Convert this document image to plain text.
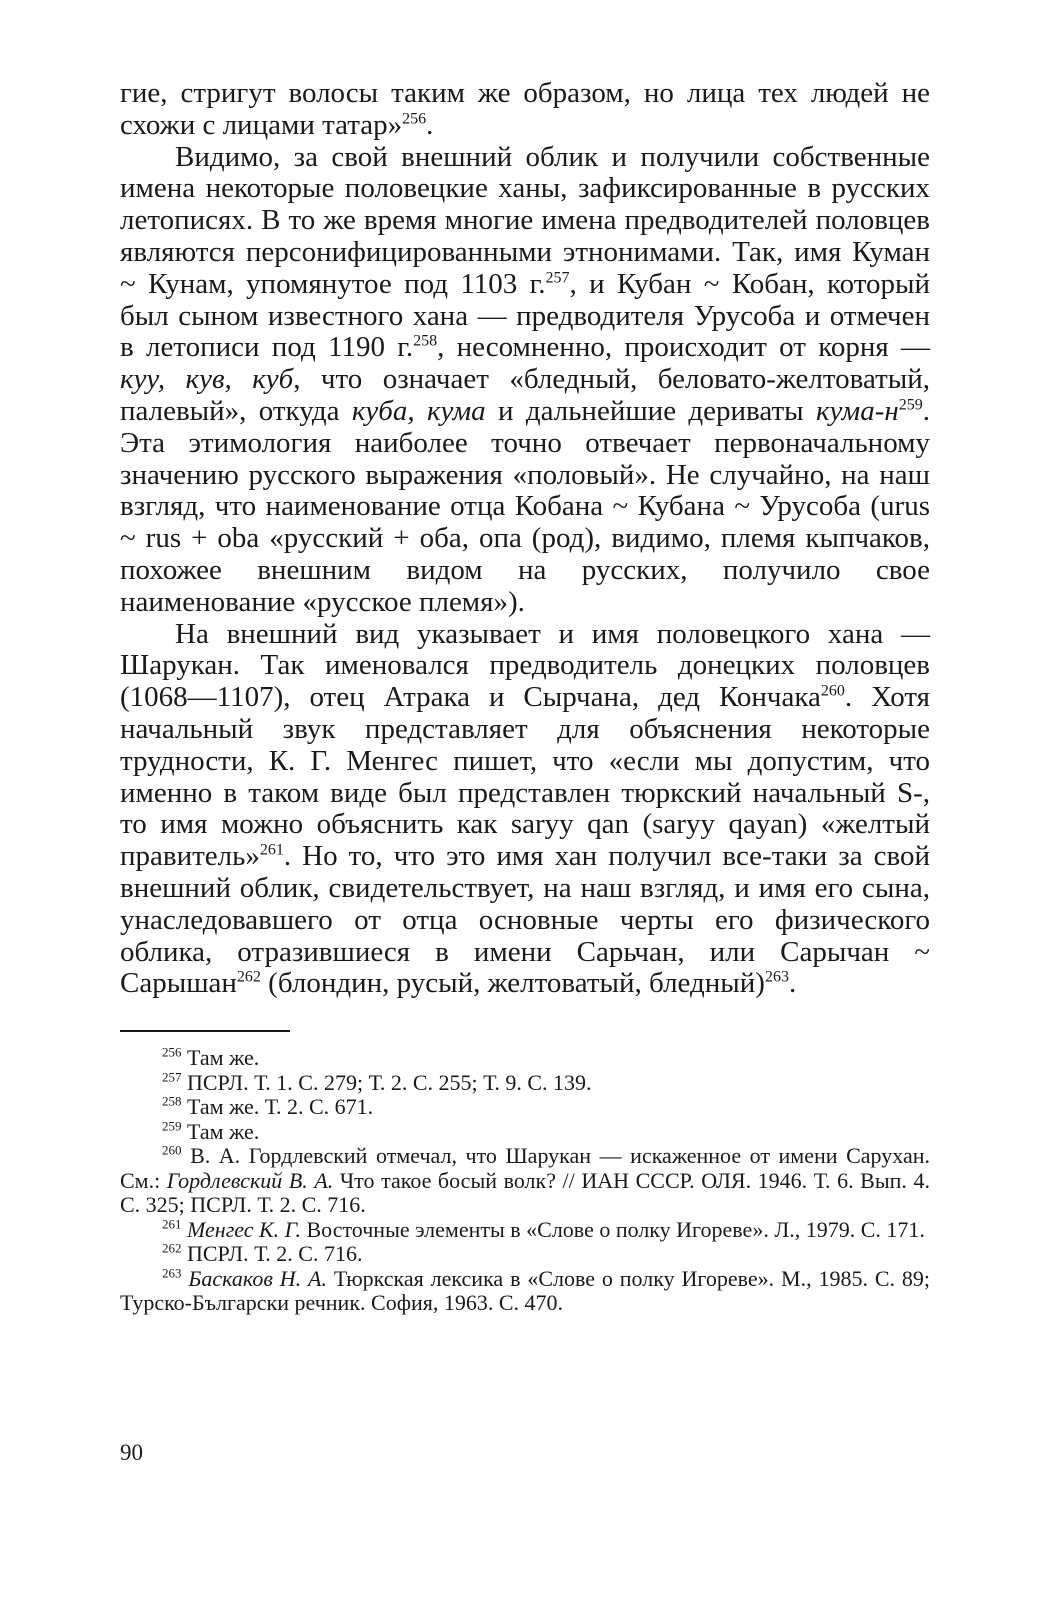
гие, стригут волосы таким же образом, но лица тех людей не схожи с лицами татар»$^{256}$.

Видимо, за свой внешний облик и получили собственные имена некоторые половецкие ханы, зафиксированные в русских летописях. В то же время многие имена предводителей половцев являются персонифицированными этнонимами. Так, имя Куман ~ Кунам, упомянутое под 1103 г.$^{257}$, и Кубан ~ Кобан, который был сыном известного хана — предводителя Урусоба и отмечен в летописи под 1190 г.$^{258}$, несомненно, происходит от корня — куу, кув, куб, что означает «бледный, беловато-желтоватый, палевый», откуда куба, кума и дальнейшие дериваты кума-$н^{259}$. Эта этимология наиболее точно отвечает первоначальному значению русского выражения «половый». Не случайно, на наш взгляд, что наименование отца Кобана ~ Кубана ~ Урусоба (urus ~ rus + oba «русский + оба, опа (род), видимо, племя кыпчаков, похожее внешним видом на русских, получило свое наименование «русское племя»).

На внешний вид указывает и имя половецкого хана — Шарукан. Так именовался предводитель донецких половцев (1068—1107), отец Атрака и Сырчана, дед Кончака$^{260}$. Хотя начальный звук представляет для объяснения некоторые трудности, К. Г. Менгес пишет, что «если мы допустим, что именно в таком виде был представлен тюркский начальный S-, то имя можно объяснить как saryy qan (saryy qayan) «желтый правитель»$^{261}$. Но то, что это имя хан получил все-таки за свой внешний облик, свидетельствует, на наш взгляд, и имя его сына, унаследовавшего от отца основные черты его физического облика, отразившиеся в имени Сарьчан, или Сарычан ~ Сарышан$^{262}$ (блондин, русый, желтоватый, бледный)$^{263}$.

$^{256}$ Там же.

$^{257}$ ПСРЛ. Т. 1. С. 279; Т. 2. С. 255; Т. 9. С. 139.

$^{258}$ Там же. Т. 2. С. 671.

$^{259}$ Там же.

$^{260}$ В. А. Гордлевский отмечал, что Шарукан — искаженное от имени Сарухан. См.: Гордлевский В. А. Что такое босый волк? // ИАН СССР. ОЛЯ. 1946. Т. 6. Вып. 4. С. 325; ПСРЛ. Т. 2. С. 716.

$^{261}$ Менгес К. Г. Восточные элементы в «Слове о полку Игореве». Л., 1979. С. 171.

$^{262}$ ПСРЛ. Т. 2. С. 716.

$^{263}$ Баскаков Н. А. Тюркская лексика в «Слове о полку Игореве». М., 1985. С. 89; Турско-Български речник. София, 1963. С. 470.

90
